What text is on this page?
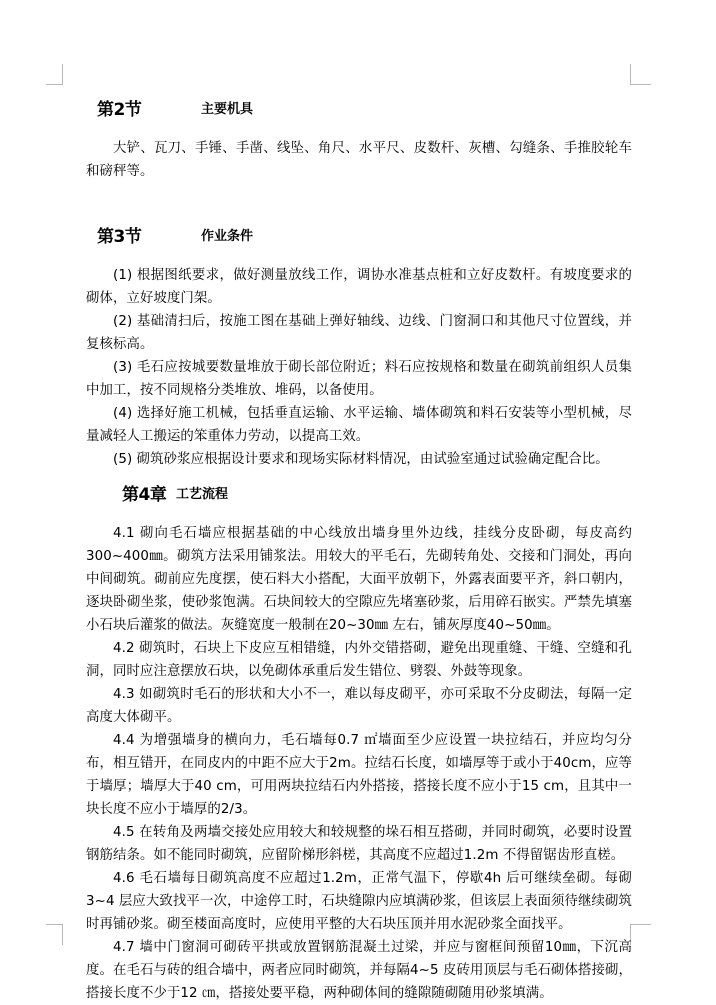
第2节	主要机具
大铲、瓦刀、手锤、手凿、线坠、角尺、水平尺、皮数杆、灰槽、勾缝条、手推胶轮车和磅秤等。
第3节	作业条件
(1) 根据图纸要求，做好测量放线工作，调协水准基点桩和立好皮数杆。有坡度要求的砌体，立好坡度门架。
(2) 基础清扫后，按施工图在基础上弹好轴线、边线、门窗洞口和其他尺寸位置线，并复核标高。
(3) 毛石应按城要数量堆放于砌长部位附近；料石应按规格和数量在砌筑前组织人员集中加工，按不同规格分类堆放、堆码，以备使用。
(4) 选择好施工机械，包括垂直运输、水平运输、墙体砌筑和料石安装等小型机械，尽量减轻人工搬运的笨重体力劳动，以提高工效。
(5) 砌筑砂浆应根据设计要求和现场实际材料情况，由试验室通过试验确定配合比。
第4章 工艺流程
4.1 砌向毛石墙应根据基础的中心线放出墙身里外边线，挂线分皮卧砌，每皮高约300~400㎜。砌筑方法采用铺浆法。用较大的平毛石，先砌转角处、交接和门洞处，再向中间砌筑。砌前应先度摆，使石料大小搭配，大面平放朝下，外露表面要平齐，斜口朝内，逐块卧砌坐浆，使砂浆饱满。石块间较大的空隙应先堵塞砂浆，后用碎石嵌实。严禁先填塞小石块后灌浆的做法。灰缝宽度一般制在20~30㎜ 左右，铺灰厚度40~50㎜。
4.2 砌筑时，石块上下皮应互相错缝，内外交错搭砌，避免出现重缝、干缝、空缝和孔洞，同时应注意摆放石块，以免砌体承重后发生错位、劈裂、外鼓等现象。
4.3 如砌筑时毛石的形状和大小不一，难以每皮砌平，亦可采取不分皮砌法，每隔一定高度大体砌平。
4.4 为增强墙身的横向力，毛石墙每0.7 ㎡墙面至少应设置一块拉结石，并应均匀分布，相互错开，在同皮内的中距不应大于2m。拉结石长度，如墙厚等于或小于40cm，应等于墙厚；墙厚大于40 cm，可用两块拉结石内外搭接，搭接长度不应小于15 cm，且其中一块长度不应小于墙厚的2/3。
4.5 在转角及两墙交接处应用较大和较规整的垛石相互搭砌，并同时砌筑，必要时设置钢筋结条。如不能同时砌筑，应留阶梯形斜槎，其高度不应超过1.2m 不得留锯齿形直槎。
4.6 毛石墙每日砌筑高度不应超过1.2m，正常气温下，停歇4h 后可继续垒砌。每砌3~4 层应大致找平一次，中途停工时，石块缝隙内应填满砂浆，但该层上表面须待继续砌筑时再铺砂浆。砌至楼面高度时，应使用平整的大石块压顶并用水泥砂浆全面找平。
4.7 墙中门窗洞可砌砖平拱或放置钢筋混凝土过梁，并应与窗框间预留10㎜，下沉高度。在毛石与砖的组合墙中，两者应同时砌筑，并每隔4~5 皮砖用顶层与毛石砌体搭接砌，搭接长度不少于12 ㎝，搭接处要平稳，两种砌体间的缝隙随砌随用砂浆填满。
